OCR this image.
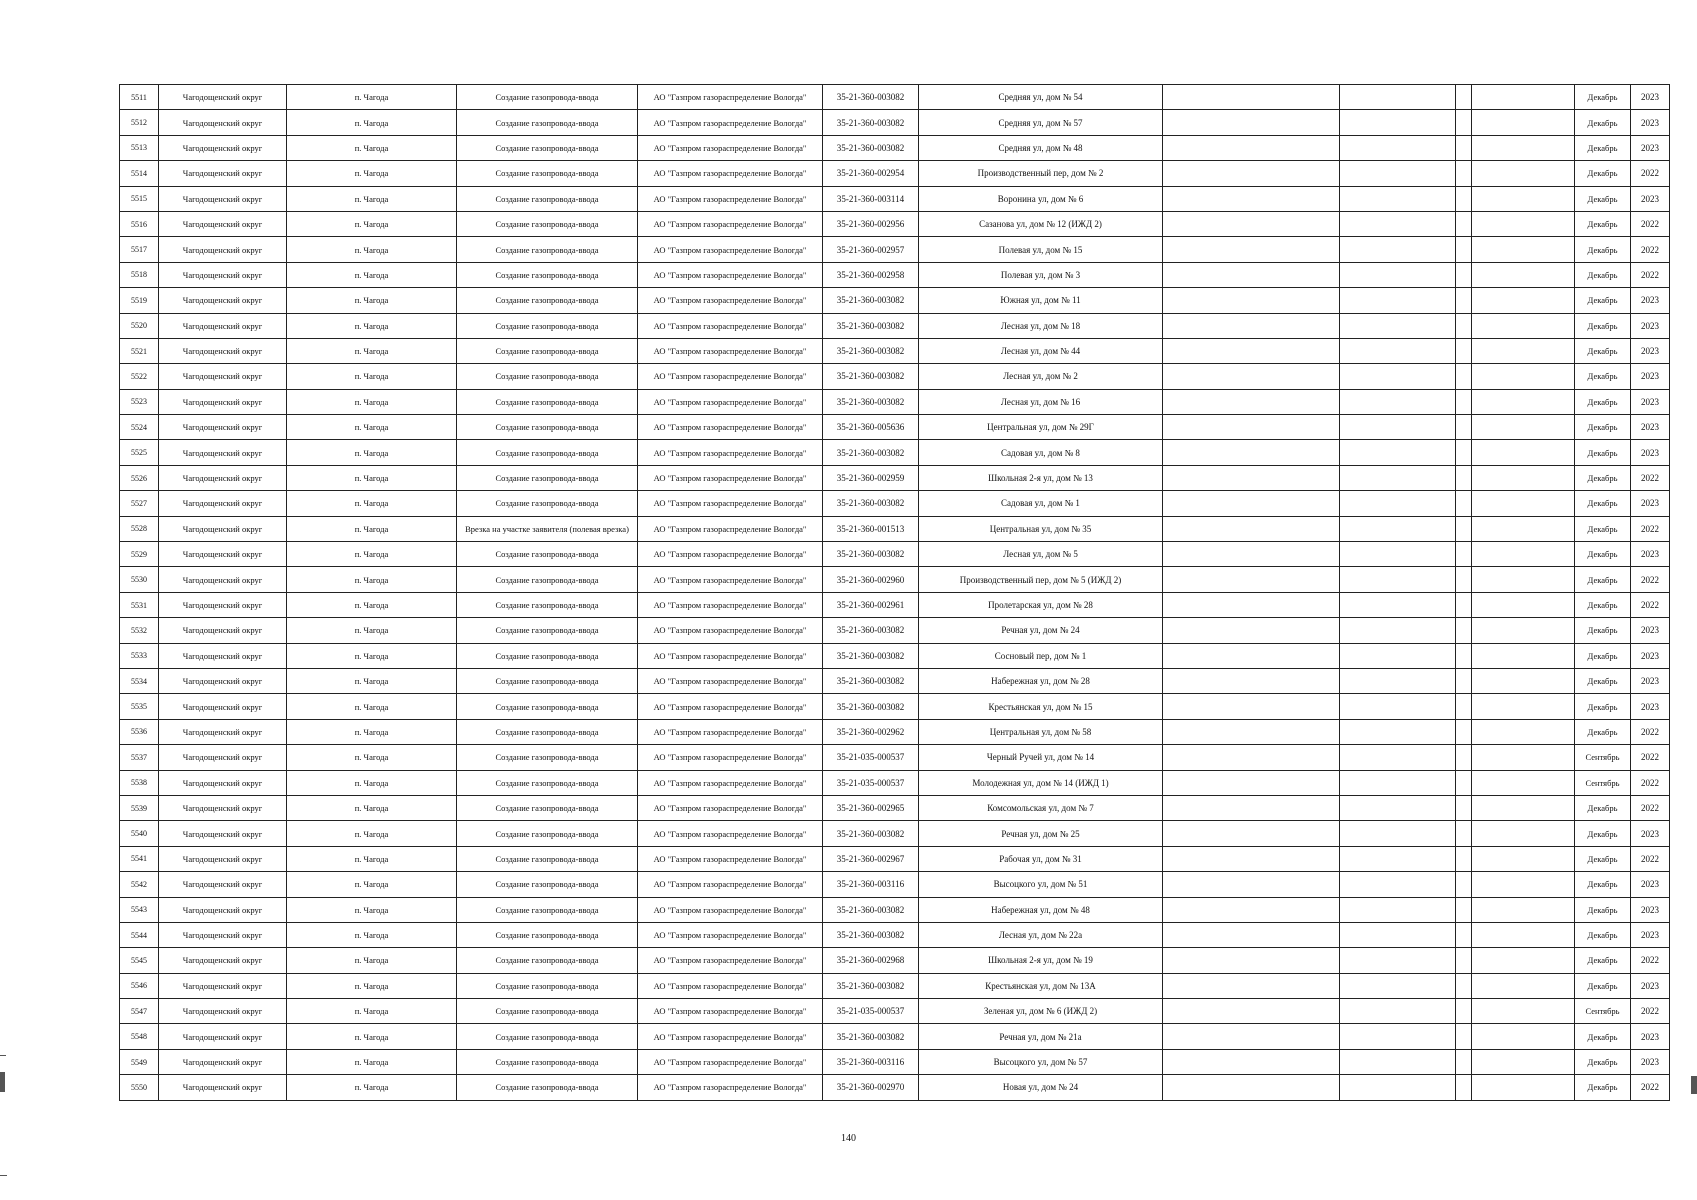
5511	Чагодощенский округ	п. Чагода	Создание газопровода-ввода	АО "Газпром газораспределение Вологда"	35-21-360-003082	Средняя ул, дом № 54					Декабрь	2023
5512	Чагодощенский округ	п. Чагода	Создание газопровода-ввода	АО "Газпром газораспределение Вологда"	35-21-360-003082	Средняя ул, дом № 57					Декабрь	2023
5513	Чагодощенский округ	п. Чагода	Создание газопровода-ввода	АО "Газпром газораспределение Вологда"	35-21-360-003082	Средняя ул, дом № 48					Декабрь	2023
5514	Чагодощенский округ	п. Чагода	Создание газопровода-ввода	АО "Газпром газораспределение Вологда"	35-21-360-002954	Производственный пер, дом № 2					Декабрь	2022
5515	Чагодощенский округ	п. Чагода	Создание газопровода-ввода	АО "Газпром газораспределение Вологда"	35-21-360-003114	Воронина ул, дом № 6					Декабрь	2023
5516	Чагодощенский округ	п. Чагода	Создание газопровода-ввода	АО "Газпром газораспределение Вологда"	35-21-360-002956	Сазанова ул, дом № 12 (ИЖД 2)					Декабрь	2022
5517	Чагодощенский округ	п. Чагода	Создание газопровода-ввода	АО "Газпром газораспределение Вологда"	35-21-360-002957	Полевая ул, дом № 15					Декабрь	2022
5518	Чагодощенский округ	п. Чагода	Создание газопровода-ввода	АО "Газпром газораспределение Вологда"	35-21-360-002958	Полевая ул, дом № 3					Декабрь	2022
5519	Чагодощенский округ	п. Чагода	Создание газопровода-ввода	АО "Газпром газораспределение Вологда"	35-21-360-003082	Южная ул, дом № 11					Декабрь	2023
5520	Чагодощенский округ	п. Чагода	Создание газопровода-ввода	АО "Газпром газораспределение Вологда"	35-21-360-003082	Лесная ул, дом № 18					Декабрь	2023
5521	Чагодощенский округ	п. Чагода	Создание газопровода-ввода	АО "Газпром газораспределение Вологда"	35-21-360-003082	Лесная ул, дом № 44					Декабрь	2023
5522	Чагодощенский округ	п. Чагода	Создание газопровода-ввода	АО "Газпром газораспределение Вологда"	35-21-360-003082	Лесная ул, дом № 2					Декабрь	2023
5523	Чагодощенский округ	п. Чагода	Создание газопровода-ввода	АО "Газпром газораспределение Вологда"	35-21-360-003082	Лесная ул, дом № 16					Декабрь	2023
5524	Чагодощенский округ	п. Чагода	Создание газопровода-ввода	АО "Газпром газораспределение Вологда"	35-21-360-005636	Центральная ул, дом № 29Г					Декабрь	2023
5525	Чагодощенский округ	п. Чагода	Создание газопровода-ввода	АО "Газпром газораспределение Вологда"	35-21-360-003082	Садовая ул, дом № 8					Декабрь	2023
5526	Чагодощенский округ	п. Чагода	Создание газопровода-ввода	АО "Газпром газораспределение Вологда"	35-21-360-002959	Школьная 2-я ул, дом № 13					Декабрь	2022
5527	Чагодощенский округ	п. Чагода	Создание газопровода-ввода	АО "Газпром газораспределение Вологда"	35-21-360-003082	Садовая ул, дом № 1					Декабрь	2023
5528	Чагодощенский округ	п. Чагода	Врезка на участке заявителя (полевая врезка)	АО "Газпром газораспределение Вологда"	35-21-360-001513	Центральная ул, дом № 35					Декабрь	2022
5529	Чагодощенский округ	п. Чагода	Создание газопровода-ввода	АО "Газпром газораспределение Вологда"	35-21-360-003082	Лесная ул, дом № 5					Декабрь	2023
5530	Чагодощенский округ	п. Чагода	Создание газопровода-ввода	АО "Газпром газораспределение Вологда"	35-21-360-002960	Производственный пер, дом № 5 (ИЖД 2)					Декабрь	2022
5531	Чагодощенский округ	п. Чагода	Создание газопровода-ввода	АО "Газпром газораспределение Вологда"	35-21-360-002961	Пролетарская ул, дом № 28					Декабрь	2022
5532	Чагодощенский округ	п. Чагода	Создание газопровода-ввода	АО "Газпром газораспределение Вологда"	35-21-360-003082	Речная ул, дом № 24					Декабрь	2023
5533	Чагодощенский округ	п. Чагода	Создание газопровода-ввода	АО "Газпром газораспределение Вологда"	35-21-360-003082	Сосновый пер, дом № 1					Декабрь	2023
5534	Чагодощенский округ	п. Чагода	Создание газопровода-ввода	АО "Газпром газораспределение Вологда"	35-21-360-003082	Набережная ул, дом № 28					Декабрь	2023
5535	Чагодощенский округ	п. Чагода	Создание газопровода-ввода	АО "Газпром газораспределение Вологда"	35-21-360-003082	Крестьянская ул, дом № 15					Декабрь	2023
5536	Чагодощенский округ	п. Чагода	Создание газопровода-ввода	АО "Газпром газораспределение Вологда"	35-21-360-002962	Центральная ул, дом № 58					Декабрь	2022
5537	Чагодощенский округ	п. Чагода	Создание газопровода-ввода	АО "Газпром газораспределение Вологда"	35-21-035-000537	Черный Ручей ул, дом № 14					Сентябрь	2022
5538	Чагодощенский округ	п. Чагода	Создание газопровода-ввода	АО "Газпром газораспределение Вологда"	35-21-035-000537	Молодежная ул, дом № 14 (ИЖД 1)					Сентябрь	2022
5539	Чагодощенский округ	п. Чагода	Создание газопровода-ввода	АО "Газпром газораспределение Вологда"	35-21-360-002965	Комсомольская ул, дом № 7					Декабрь	2022
5540	Чагодощенский округ	п. Чагода	Создание газопровода-ввода	АО "Газпром газораспределение Вологда"	35-21-360-003082	Речная ул, дом № 25					Декабрь	2023
5541	Чагодощенский округ	п. Чагода	Создание газопровода-ввода	АО "Газпром газораспределение Вологда"	35-21-360-002967	Рабочая ул, дом № 31					Декабрь	2022
5542	Чагодощенский округ	п. Чагода	Создание газопровода-ввода	АО "Газпром газораспределение Вологда"	35-21-360-003116	Высоцкого ул, дом № 51					Декабрь	2023
5543	Чагодощенский округ	п. Чагода	Создание газопровода-ввода	АО "Газпром газораспределение Вологда"	35-21-360-003082	Набережная ул, дом № 48					Декабрь	2023
5544	Чагодощенский округ	п. Чагода	Создание газопровода-ввода	АО "Газпром газораспределение Вологда"	35-21-360-003082	Лесная ул, дом № 22а					Декабрь	2023
5545	Чагодощенский округ	п. Чагода	Создание газопровода-ввода	АО "Газпром газораспределение Вологда"	35-21-360-002968	Школьная 2-я ул, дом № 19					Декабрь	2022
5546	Чагодощенский округ	п. Чагода	Создание газопровода-ввода	АО "Газпром газораспределение Вологда"	35-21-360-003082	Крестьянская ул, дом № 13А					Декабрь	2023
5547	Чагодощенский округ	п. Чагода	Создание газопровода-ввода	АО "Газпром газораспределение Вологда"	35-21-035-000537	Зеленая ул, дом № 6 (ИЖД 2)					Сентябрь	2022
5548	Чагодощенский округ	п. Чагода	Создание газопровода-ввода	АО "Газпром газораспределение Вологда"	35-21-360-003082	Речная ул, дом № 21а					Декабрь	2023
5549	Чагодощенский округ	п. Чагода	Создание газопровода-ввода	АО "Газпром газораспределение Вологда"	35-21-360-003116	Высоцкого ул, дом № 57					Декабрь	2023
5550	Чагодощенский округ	п. Чагода	Создание газопровода-ввода	АО "Газпром газораспределение Вологда"	35-21-360-002970	Новая ул, дом № 24					Декабрь	2022
140
